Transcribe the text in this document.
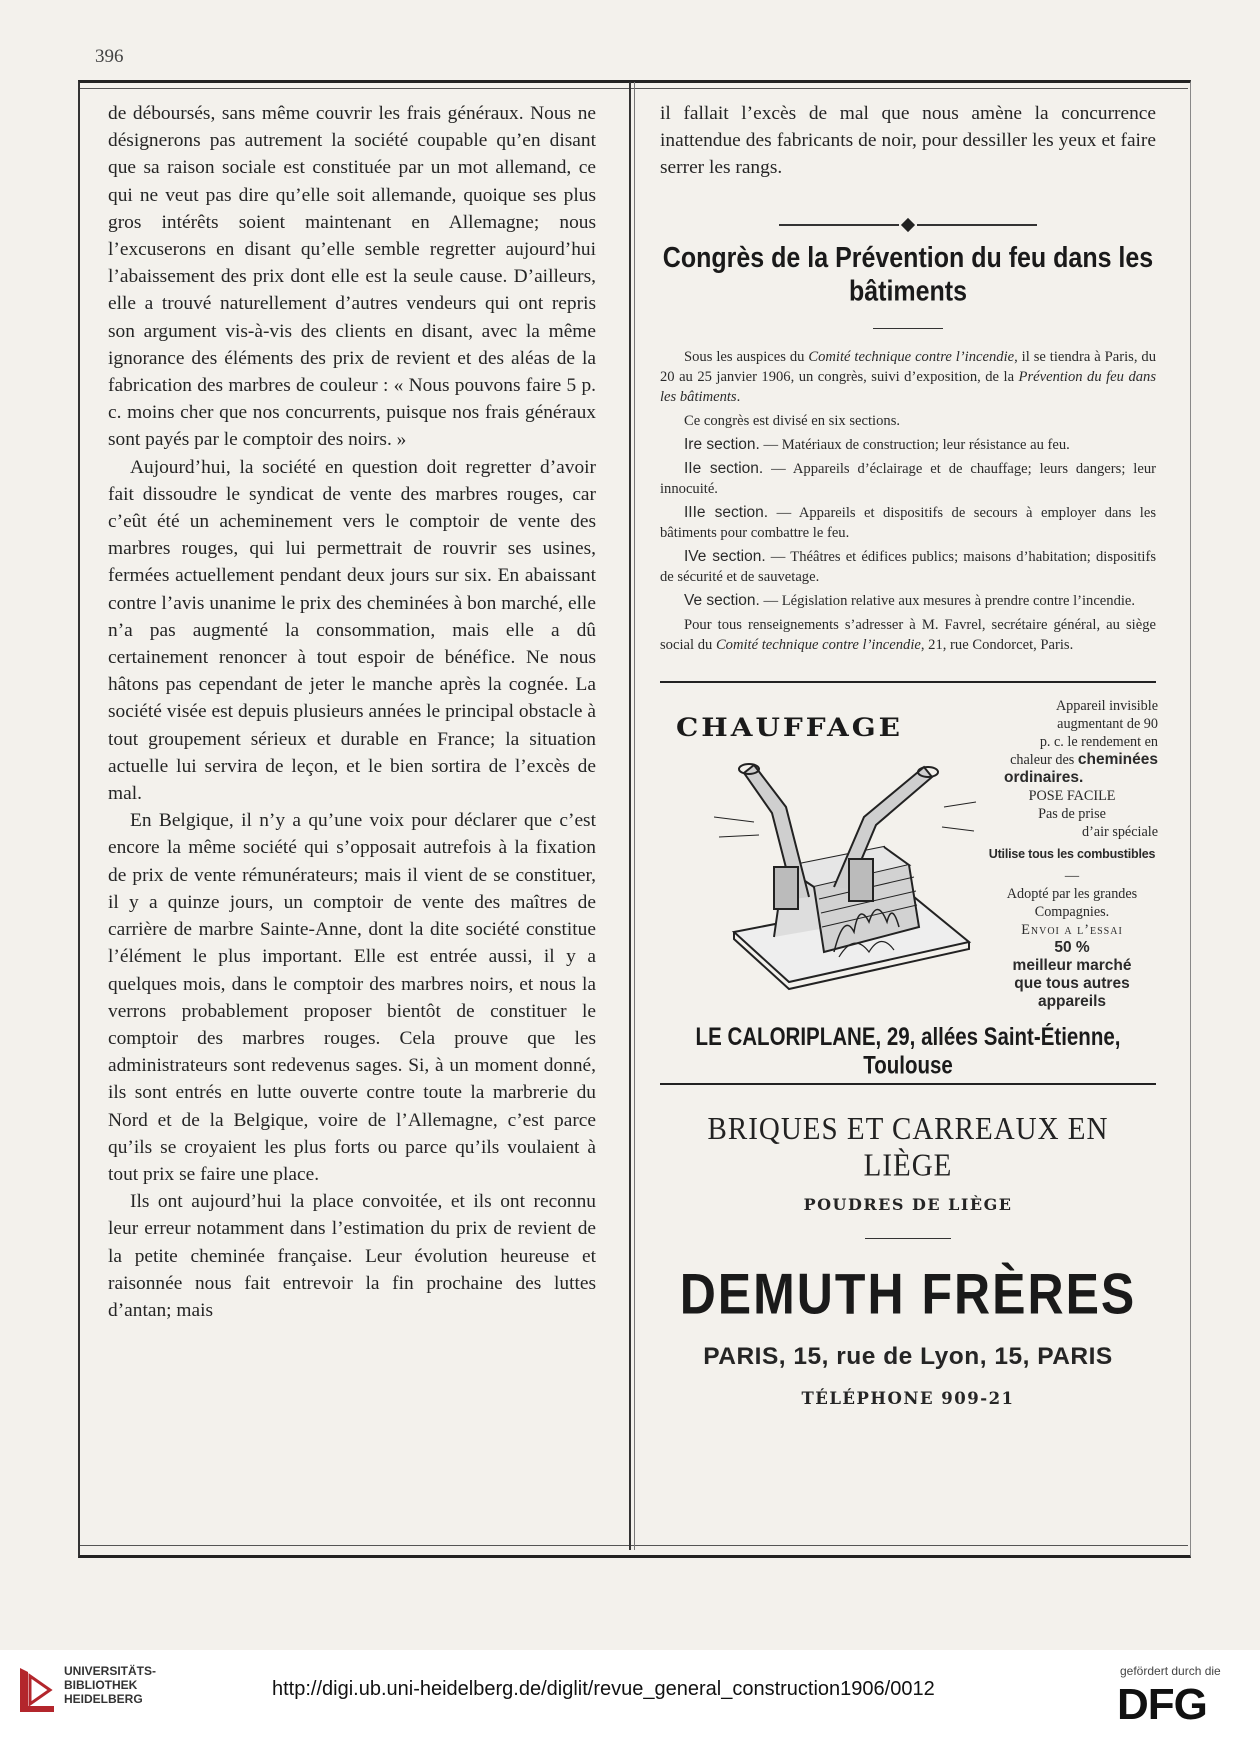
396

de déboursés, sans même couvrir les frais généraux. Nous ne désignerons pas autrement la société coupable qu’en disant que sa raison sociale est constituée par un mot allemand, ce qui ne veut pas dire qu’elle soit allemande, quoique ses plus gros intérêts soient maintenant en Allemagne; nous l’excuserons en disant qu’elle semble regretter aujourd’hui l’abaissement des prix dont elle est la seule cause. D’ailleurs, elle a trouvé naturellement d’autres vendeurs qui ont repris son argument vis-à-vis des clients en disant, avec la même ignorance des éléments des prix de revient et des aléas de la fabrication des marbres de couleur : « Nous pouvons faire 5 p. c. moins cher que nos concurrents, puisque nos frais généraux sont payés par le comptoir des noirs. »

Aujourd’hui, la société en question doit regretter d’avoir fait dissoudre le syndicat de vente des marbres rouges, car c’eût été un acheminement vers le comptoir de vente des marbres rouges, qui lui permettrait de rouvrir ses usines, fermées actuellement pendant deux jours sur six. En abaissant contre l’avis unanime le prix des cheminées à bon marché, elle n’a pas augmenté la consommation, mais elle a dû certainement renoncer à tout espoir de bénéfice. Ne nous hâtons pas cependant de jeter le manche après la cognée. La société visée est depuis plusieurs années le principal obstacle à tout groupement sérieux et durable en France; la situation actuelle lui servira de leçon, et le bien sortira de l’excès de mal.

En Belgique, il n’y a qu’une voix pour déclarer que c’est encore la même société qui s’opposait autrefois à la fixation de prix de vente rémunérateurs; mais il vient de se constituer, il y a quinze jours, un comptoir de vente des maîtres de carrière de marbre Sainte-Anne, dont la dite société constitue l’élément le plus important. Elle est entrée aussi, il y a quelques mois, dans le comptoir des marbres noirs, et nous la verrons probablement proposer bientôt de constituer le comptoir des marbres rouges. Cela prouve que les administrateurs sont redevenus sages. Si, à un moment donné, ils sont entrés en lutte ouverte contre toute la marbrerie du Nord et de la Belgique, voire de l’Allemagne, c’est parce qu’ils se croyaient les plus forts ou parce qu’ils voulaient à tout prix se faire une place.

Ils ont aujourd’hui la place convoitée, et ils ont reconnu leur erreur notamment dans l’estimation du prix de revient de la petite cheminée française. Leur évolution heureuse et raisonnée nous fait entrevoir la fin prochaine des luttes d’antan; mais

il fallait l’excès de mal que nous amène la concurrence inattendue des fabricants de noir, pour dessiller les yeux et faire serrer les rangs.

Congrès de la Prévention du feu dans les bâtiments

Sous les auspices du Comité technique contre l’incendie, il se tiendra à Paris, du 20 au 25 janvier 1906, un congrès, suivi d’exposition, de la Prévention du feu dans les bâtiments.

Ce congrès est divisé en six sections.

Ire section. — Matériaux de construction; leur résistance au feu.

IIe section. — Appareils d’éclairage et de chauffage; leurs dangers; leur innocuité.

IIIe section. — Appareils et dispositifs de secours à employer dans les bâtiments pour combattre le feu.

IVe section. — Théâtres et édifices publics; maisons d’habitation; dispositifs de sécurité et de sauvetage.

Ve section. — Législation relative aux mesures à prendre contre l’incendie.

Pour tous renseignements s’adresser à M. Favrel, secrétaire général, au siège social du Comité technique contre l’incendie, 21, rue Condorcet, Paris.

CHAUFFAGE
Appareil invisible
augmentant de 90
p. c. le rendement en
chaleur des cheminées
ordinaires.
POSE FACILE
Pas de prise
d’air spéciale
Utilise tous les combustibles
—
Adopté par les grandes
Compagnies.
Envoi a l’essai
50 %
meilleur marché
que tous autres
appareils
LE CALORIPLANE, 29, allées Saint-Étienne, Toulouse

BRIQUES ET CARREAUX EN LIÈGE

POUDRES DE LIÈGE

DEMUTH FRÈRES

PARIS, 15, rue de Lyon, 15, PARIS

TÉLÉPHONE 909-21

UNIVERSITÄTS-
BIBLIOTHEK
HEIDELBERG	http://digi.ub.uni-heidelberg.de/diglit/revue_general_construction1906/0012
gefördert durch die
DFG
